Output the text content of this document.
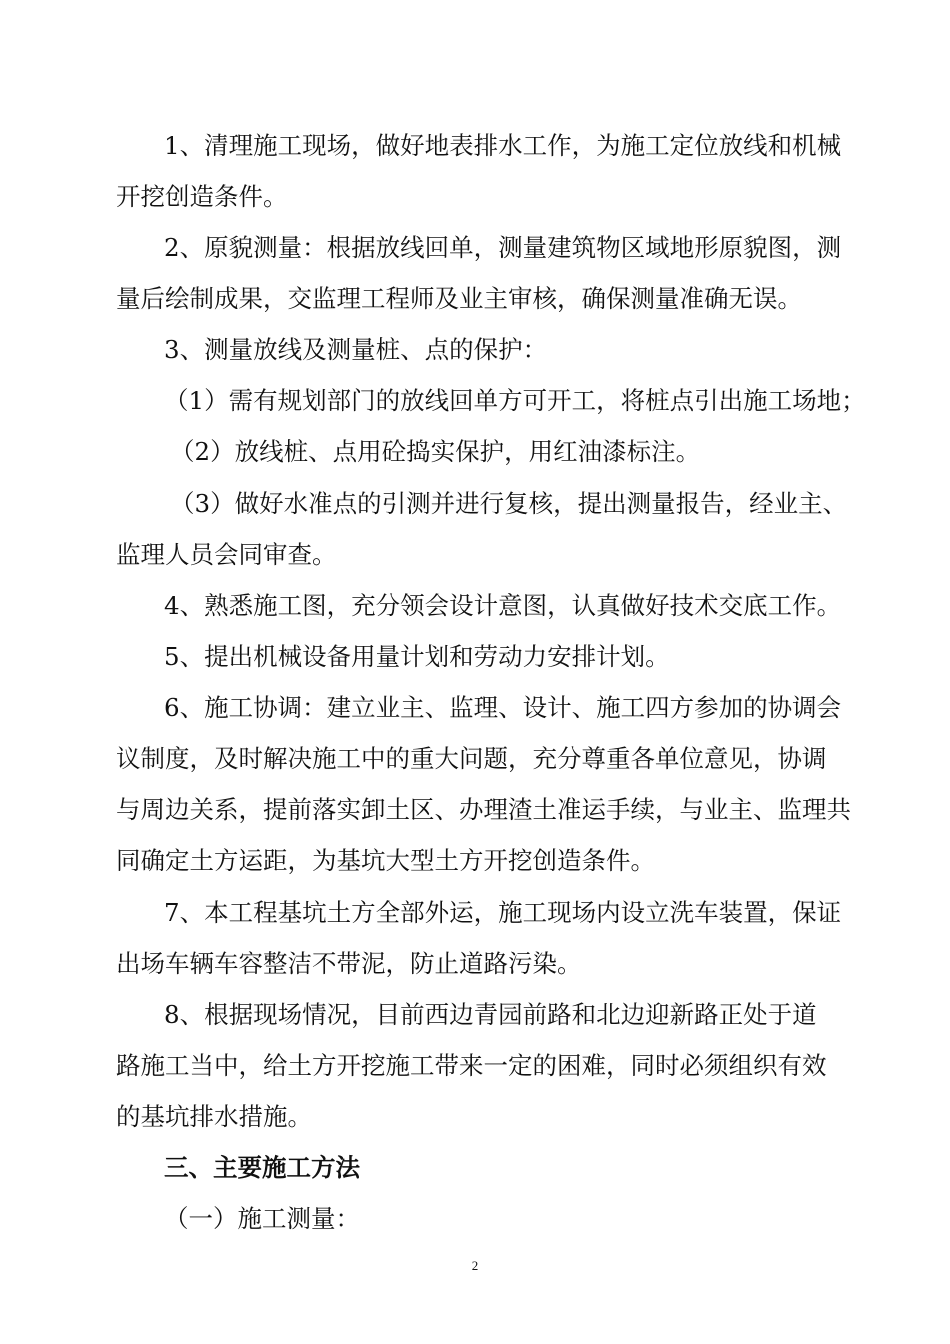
1、清理施工现场，做好地表排水工作，为施工定位放线和机械
开挖创造条件。
2、原貌测量：根据放线回单，测量建筑物区域地形原貌图，测
量后绘制成果，交监理工程师及业主审核，确保测量准确无误。
3、测量放线及测量桩、点的保护：
（1）需有规划部门的放线回单方可开工，将桩点引出施工场地；
（2）放线桩、点用砼捣实保护，用红油漆标注。
（3）做好水准点的引测并进行复核，提出测量报告，经业主、
监理人员会同审查。
4、熟悉施工图，充分领会设计意图，认真做好技术交底工作。
5、提出机械设备用量计划和劳动力安排计划。
6、施工协调：建立业主、监理、设计、施工四方参加的协调会
议制度，及时解决施工中的重大问题，充分尊重各单位意见，协调
与周边关系，提前落实卸土区、办理渣土准运手续，与业主、监理共
同确定土方运距，为基坑大型土方开挖创造条件。
7、本工程基坑土方全部外运，施工现场内设立洗车装置，保证
出场车辆车容整洁不带泥，防止道路污染。
8、根据现场情况，目前西边青园前路和北边迎新路正处于道
路施工当中，给土方开挖施工带来一定的困难，同时必须组织有效
的基坑排水措施。
三、主要施工方法
（一）施工测量：
2
